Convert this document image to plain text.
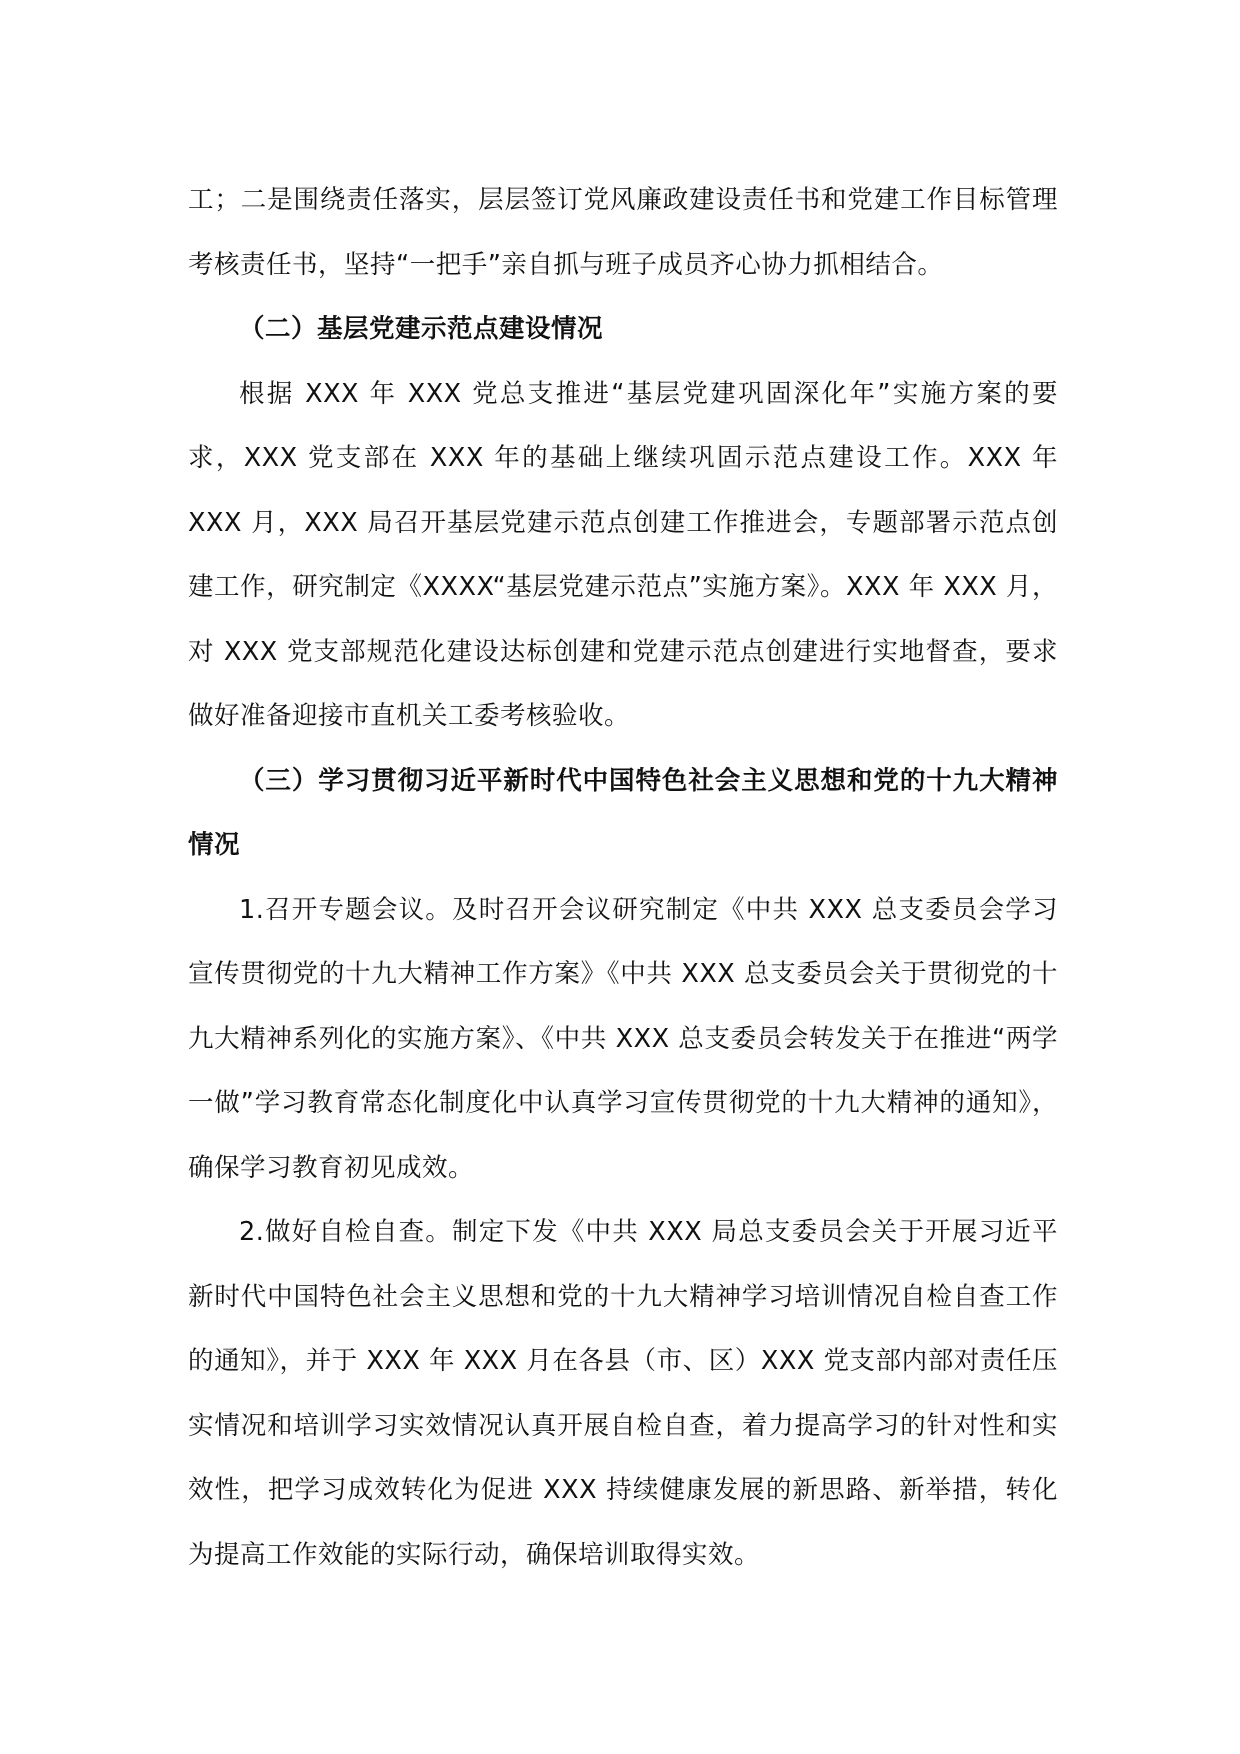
工；二是围绕责任落实，层层签订党风廉政建设责任书和党建工作目标管理考核责任书，坚持“一把手”亲自抓与班子成员齐心协力抓相结合。

（二）基层党建示范点建设情况

根据 XXX 年 XXX 党总支推进“基层党建巩固深化年”实施方案的要求，XXX 党支部在 XXX 年的基础上继续巩固示范点建设工作。XXX 年 XXX 月，XXX 局召开基层党建示范点创建工作推进会，专题部署示范点创建工作，研究制定《XXXX“基层党建示范点”实施方案》。XXX 年 XXX 月， 对 XXX 党支部规范化建设达标创建和党建示范点创建进行实地督查，要求做好准备迎接市直机关工委考核验收。

（三）学习贯彻习近平新时代中国特色社会主义思想和党的十九大精神情况

1.召开专题会议。及时召开会议研究制定《中共 XXX 总支委员会学习宣传贯彻党的十九大精神工作方案》《中共 XXX 总支委员会关于贯彻党的十九大精神系列化的实施方案》、《中共 XXX 总支委员会转发关于在推进“两学一做”学习教育常态化制度化中认真学习宣传贯彻党的十九大精神的通知》，确保学习教育初见成效。

2.做好自检自查。制定下发《中共 XXX 局总支委员会关于开展习近平新时代中国特色社会主义思想和党的十九大精神学习培训情况自检自查工作的通知》，并于 XXX 年 XXX 月在各县（市、区）XXX 党支部内部对责任压实情况和培训学习实效情况认真开展自检自查，着力提高学习的针对性和实效性，把学习成效转化为促进 XXX 持续健康发展的新思路、新举措，转化为提高工作效能的实际行动，确保培训取得实效。
